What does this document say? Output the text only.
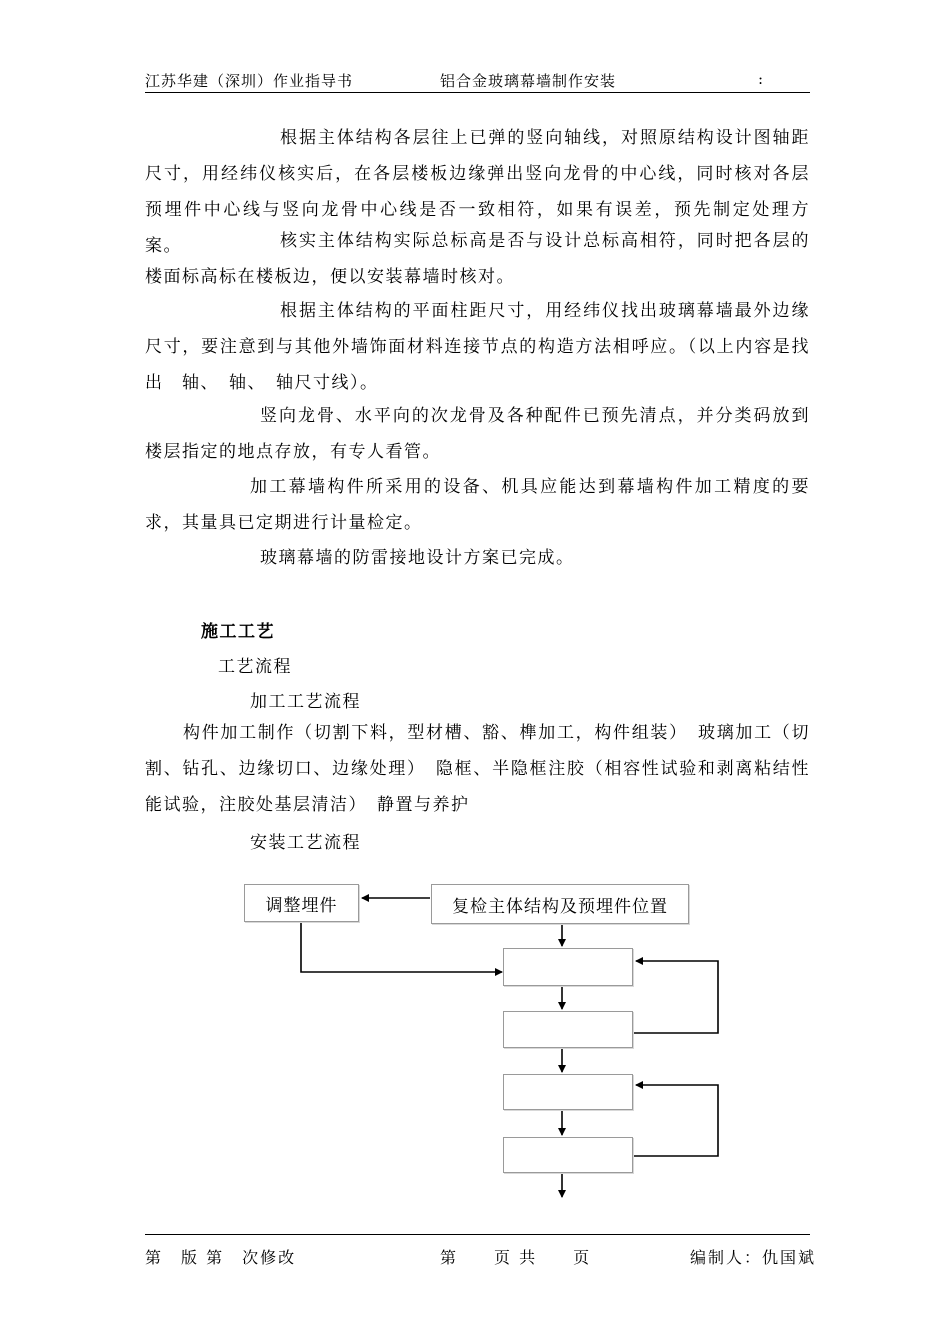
江苏华建（深圳）作业指导书	铝合金玻璃幕墙制作安装	:

根据主体结构各层往上已弹的竖向轴线，对照原结构设计图轴距尺寸，用经纬仪核实后，在各层楼板边缘弹出竖向龙骨的中心线，同时核对各层预埋件中心线与竖向龙骨中心线是否一致相符，如果有误差，预先制定处理方案。	核实主体结构实际总标高是否与设计总标高相符，同时把各层的楼面标高标在楼板边，便以安装幕墙时核对。

根据主体结构的平面柱距尺寸，用经纬仪找出玻璃幕墙最外边缘尺寸，要注意到与其他外墙饰面材料连接节点的构造方法相呼应。（以上内容是找出　轴、　轴、　轴尺寸线）。

竖向龙骨、水平向的次龙骨及各种配件已预先清点，并分类码放到楼层指定的地点存放，有专人看管。

加工幕墙构件所采用的设备、机具应能达到幕墙构件加工精度的要求，其量具已定期进行计量检定。

玻璃幕墙的防雷接地设计方案已完成。

施工工艺
工艺流程
加工工艺流程

构件加工制作（切割下料，型材槽、豁、榫加工，构件组装）　玻璃加工（切割、钻孔、边缘切口、边缘处理）　隐框、半隐框注胶（相容性试验和剥离粘结性能试验，注胶处基层清洁）　静置与养护

安装工艺流程
调整埋件	复检主体结构及预埋件位置

第　版 第　次修改	第　　页 共　　页	编制人：仇国斌
